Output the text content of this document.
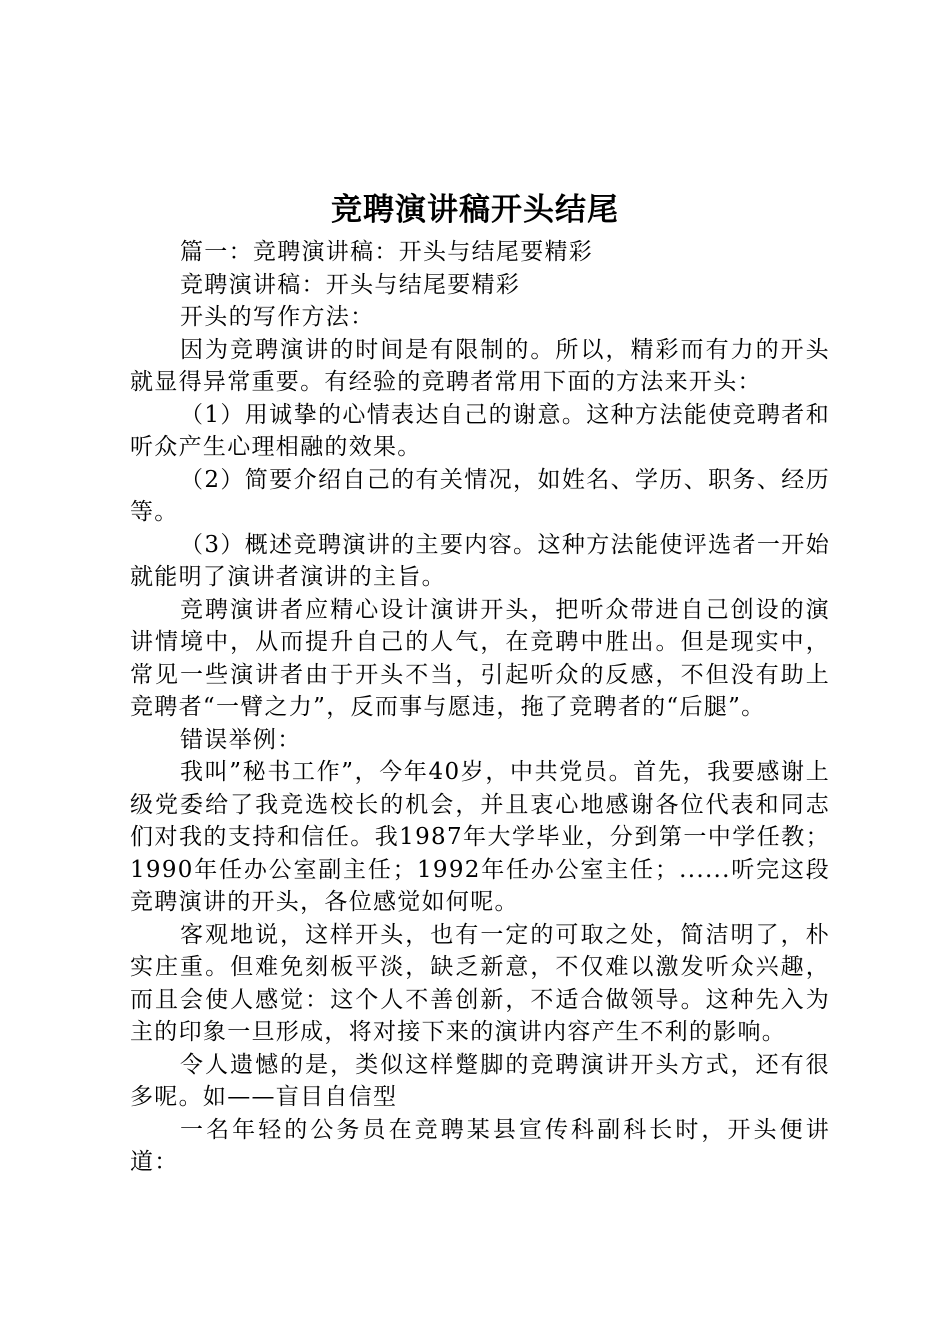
竞聘演讲稿开头结尾

篇一：竞聘演讲稿：开头与结尾要精彩

竞聘演讲稿：开头与结尾要精彩

开头的写作方法：

因为竞聘演讲的时间是有限制的。所以，精彩而有力的开头就显得异常重要。有经验的竞聘者常用下面的方法来开头：

（1）用诚挚的心情表达自己的谢意。这种方法能使竞聘者和听众产生心理相融的效果。

（2）简要介绍自己的有关情况，如姓名、学历、职务、经历等。

（3）概述竞聘演讲的主要内容。这种方法能使评选者一开始就能明了演讲者演讲的主旨。

竞聘演讲者应精心设计演讲开头，把听众带进自己创设的演讲情境中，从而提升自己的人气，在竞聘中胜出。但是现实中，常见一些演讲者由于开头不当，引起听众的反感，不但没有助上竞聘者“一臂之力”，反而事与愿违，拖了竞聘者的“后腿”。

错误举例：

我叫”秘书工作”，今年40岁，中共党员。首先，我要感谢上级党委给了我竞选校长的机会，并且衷心地感谢各位代表和同志们对我的支持和信任。我1987年大学毕业，分到第一中学任教；1990年任办公室副主任；1992年任办公室主任；......听完这段竞聘演讲的开头，各位感觉如何呢。

客观地说，这样开头，也有一定的可取之处，简洁明了，朴实庄重。但难免刻板平淡，缺乏新意，不仅难以激发听众兴趣，而且会使人感觉：这个人不善创新，不适合做领导。这种先入为主的印象一旦形成，将对接下来的演讲内容产生不利的影响。

令人遗憾的是，类似这样蹩脚的竞聘演讲开头方式，还有很多呢。如——盲目自信型

一名年轻的公务员在竞聘某县宣传科副科长时，开头便讲道：
